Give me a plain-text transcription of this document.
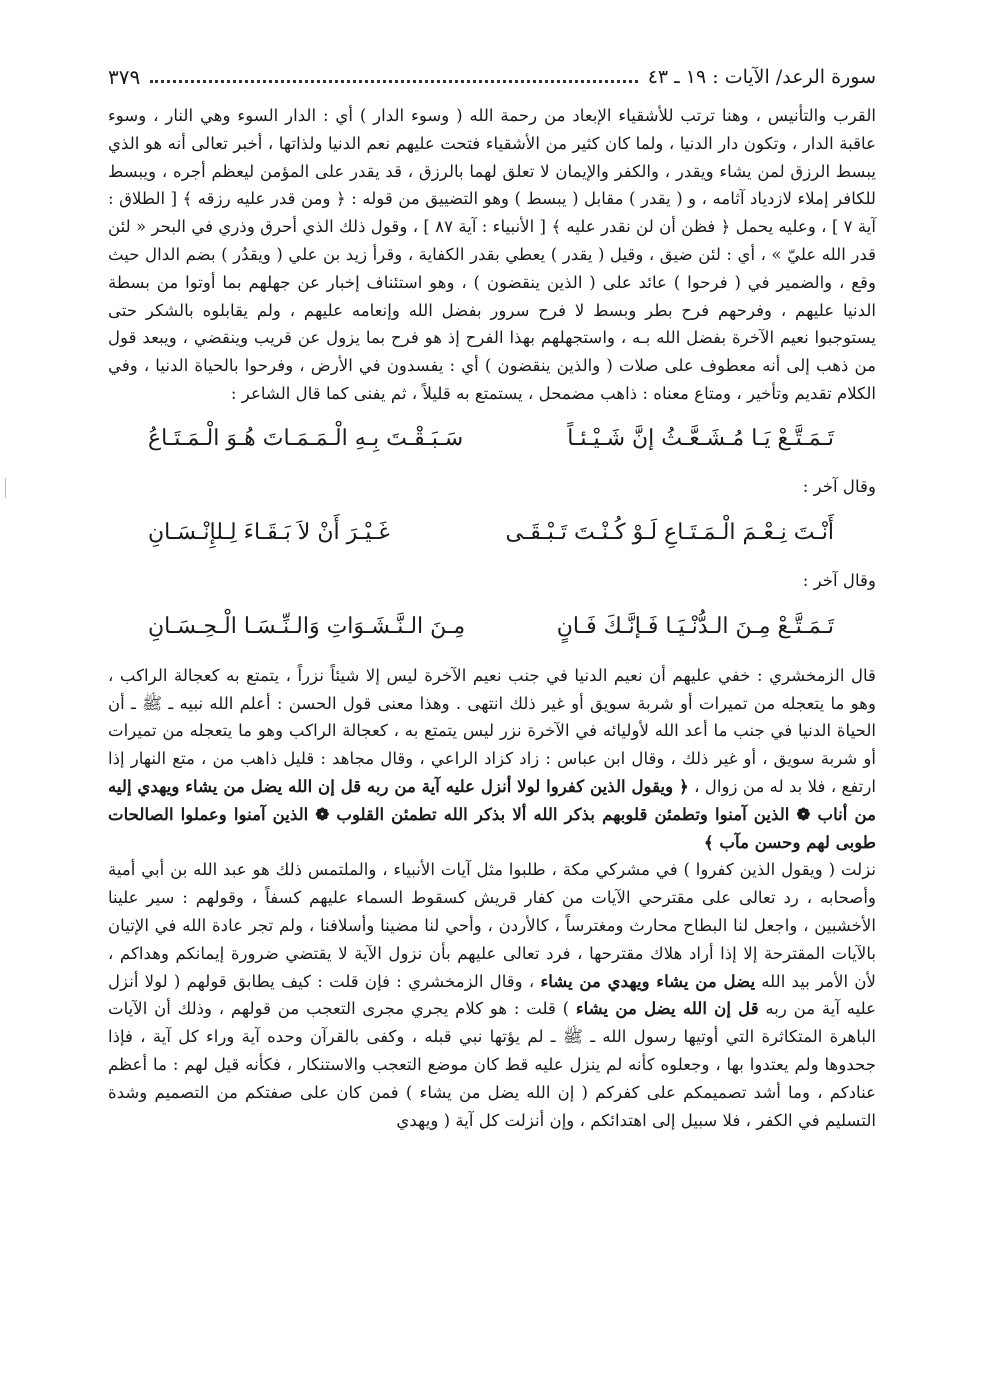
سورة الرعد/ الآيات : ١٩ ـ ٤٣
٣٧٩

القرب والتأنيس ، وهنا ترتب للأشقياء الإبعاد من رحمة الله ( وسوء الدار ) أي : الدار السوء وهي النار ، وسوء عاقبة الدار ، وتكون دار الدنيا ، ولما كان كثير من الأشقياء فتحت عليهم نعم الدنيا ولذاتها ، أخبر تعالى أنه هو الذي يبسط الرزق لمن يشاء ويقدر ، والكفر والإيمان لا تعلق لهما بالرزق ، قد يقدر على المؤمن ليعظم أجره ، ويبسط للكافر إملاء لازدياد آثامه ، و ( يقدر ) مقابل ( يبسط ) وهو التضييق من قوله : ﴿ ومن قدر عليه رزقه ﴾ [ الطلاق : آية ٧ ] ، وعليه يحمل ﴿ فظن أن لن نقدر عليه ﴾ [ الأنبياء : آية ٨٧ ] ، وقول ذلك الذي أحرق وذري في البحر « لئن قدر الله عليّ » ، أي : لئن ضيق ، وقيل ( يقدر ) يعطي بقدر الكفاية ، وقرأ زيد بن علي ( ويقدُر ) بضم الدال حيث وقع ، والضمير في ( فرحوا ) عائد على ( الذين ينقضون ) ، وهو استئناف إخبار عن جهلهم بما أوتوا من بسطة الدنيا عليهم ، وفرحهم فرح بطر وبسط لا فرح سرور بفضل الله وإنعامه عليهم ، ولم يقابلوه بالشكر حتى يستوجبوا نعيم الآخرة بفضل الله بـه ، واستجهلهم بهذا الفرح إذ هو فرح بما يزول عن قريب وينقضي ، ويبعد قول من ذهب إلى أنه معطوف على صلات ( والذين ينقضون ) أي : يفسدون في الأرض ، وفرحوا بالحياة الدنيا ، وفي الكلام تقديم وتأخير ، ومتاع معناه : ذاهب مضمحل ، يستمتع به قليلاً ، ثم يفنى كما قال الشاعر :

تَـمَـتَّـعْ يَـا مُـشَـعَّـثُ إنَّ شَـيْـئـاً
سَـبَـقْـتَ بِـهِ الْـمَـمَـاتَ هُـوَ الْـمَـتَـاعُ
وقال آخر :
أَنْـتَ نِـعْـمَ الْـمَـتَـاعِ لَـوْ كُـنْـتَ تَـبْـقَـى
غَـيْـرَ أَنْ لاَ بَـقَـاءَ لِـلإِنْـسَـانِ
وقال آخر :
تَـمَـتَّـعْ مِـنَ الـدُّنْـيَـا فَـإنَّـكَ فَـانٍ
مِـنَ الـنَّـشَـوَاتِ وَالـنِّـسَـا الْـحِـسَـانِ

قال الزمخشري : خفي عليهم أن نعيم الدنيا في جنب نعيم الآخرة ليس إلا شيئاً نزراً ، يتمتع به كعجالة الراكب ، وهو ما يتعجله من تميرات أو شربة سويق أو غير ذلك انتهى . وهذا معنى قول الحسن : أعلم الله نبيه ـ ﷺ ـ أن الحياة الدنيا في جنب ما أعد الله لأوليائه في الآخرة نزر ليس يتمتع به ، كعجالة الراكب وهو ما يتعجله من تميرات أو شربة سويق ، أو غير ذلك ، وقال ابن عباس : زاد كزاد الراعي ، وقال مجاهد : قليل ذاهب من ، متع النهار إذا ارتفع ، فلا بد له من زوال ، ﴿ ويقول الذين كفروا لولا أنزل عليه آية من ربه قل إن الله يضل من يشاء ويهدي إليه من أناب ❁ الذين آمنوا وتطمئن قلوبهم بذكر الله ألا بذكر الله تطمئن القلوب ❁ الذين آمنوا وعملوا الصالحات طوبى لهم وحسن مآب ﴾

نزلت ( ويقول الذين كفروا ) في مشركي مكة ، طلبوا مثل آيات الأنبياء ، والملتمس ذلك هو عبد الله بن أبي أمية وأصحابه ، رد تعالى على مقترحي الآيات من كفار قريش كسقوط السماء عليهم كسفاً ، وقولهم : سير علينا الأخشبين ، واجعل لنا البطاح محارث ومغترساً ، كالأردن ، وأحي لنا مضينا وأسلافنا ، ولم تجر عادة الله في الإتيان بالآيات المقترحة إلا إذا أراد هلاك مقترحها ، فرد تعالى عليهم بأن نزول الآية لا يقتضي ضرورة إيمانكم وهداكم ، لأن الأمر بيد الله يضل من يشاء ويهدي من يشاء ، وقال الزمخشري : فإن قلت : كيف يطابق قولهم ( لولا أنزل عليه آية من ربه قل إن الله يضل من يشاء ) قلت : هو كلام يجري مجرى التعجب من قولهم ، وذلك أن الآيات الباهرة المتكاثرة التي أوتيها رسول الله ـ ﷺ ـ لم يؤتها نبي قبله ، وكفى بالقرآن وحده آية وراء كل آية ، فإذا جحدوها ولم يعتدوا بها ، وجعلوه كأنه لم ينزل عليه قط كان موضع التعجب والاستنكار ، فكأنه قيل لهم : ما أعظم عنادكم ، وما أشد تصميمكم على كفركم ( إن الله يضل من يشاء ) فمن كان على صفتكم من التصميم وشدة التسليم في الكفر ، فلا سبيل إلى اهتدائكم ، وإن أنزلت كل آية ( ويهدي
